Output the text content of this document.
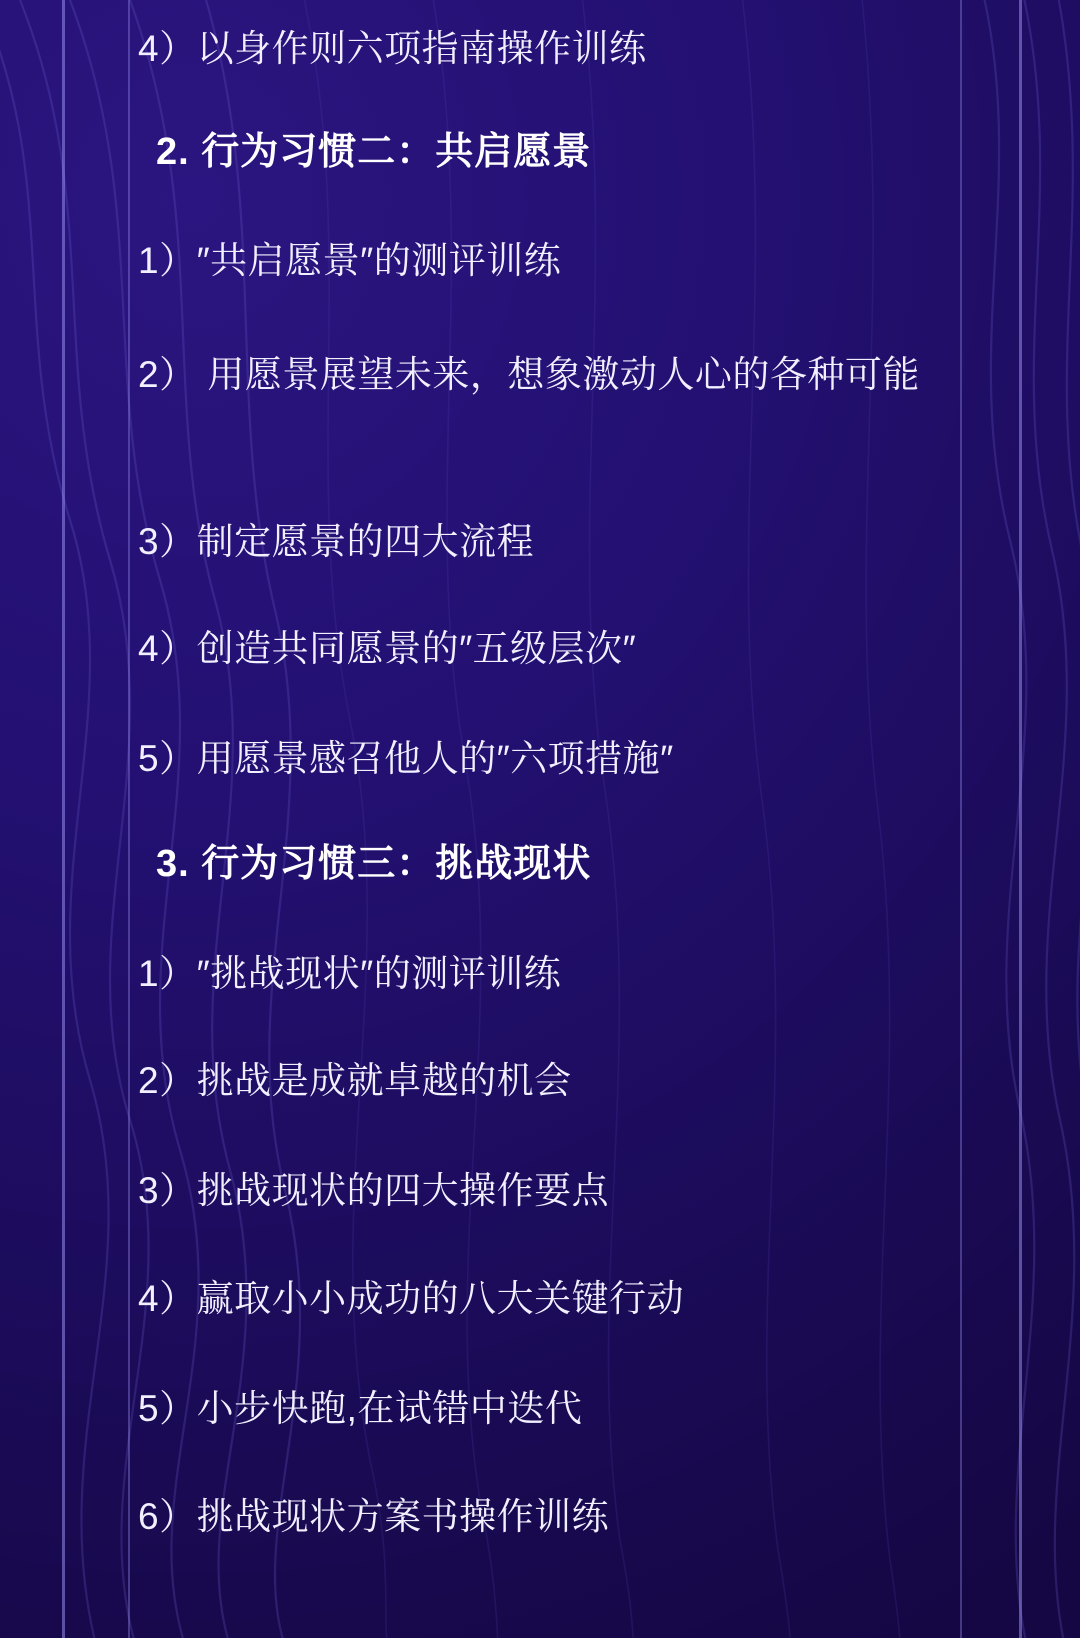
4）以身作则六项指南操作训练
2. 行为习惯二：共启愿景
1）″共启愿景″的测评训练
2） 用愿景展望未来，想象激动人心的各种可能
3）制定愿景的四大流程
4）创造共同愿景的″五级层次″
5）用愿景感召他人的″六项措施″
3. 行为习惯三：挑战现状
1）″挑战现状″的测评训练
2）挑战是成就卓越的机会
3）挑战现状的四大操作要点
4）赢取小小成功的八大关键行动
5）小步快跑,在试错中迭代
6）挑战现状方案书操作训练
